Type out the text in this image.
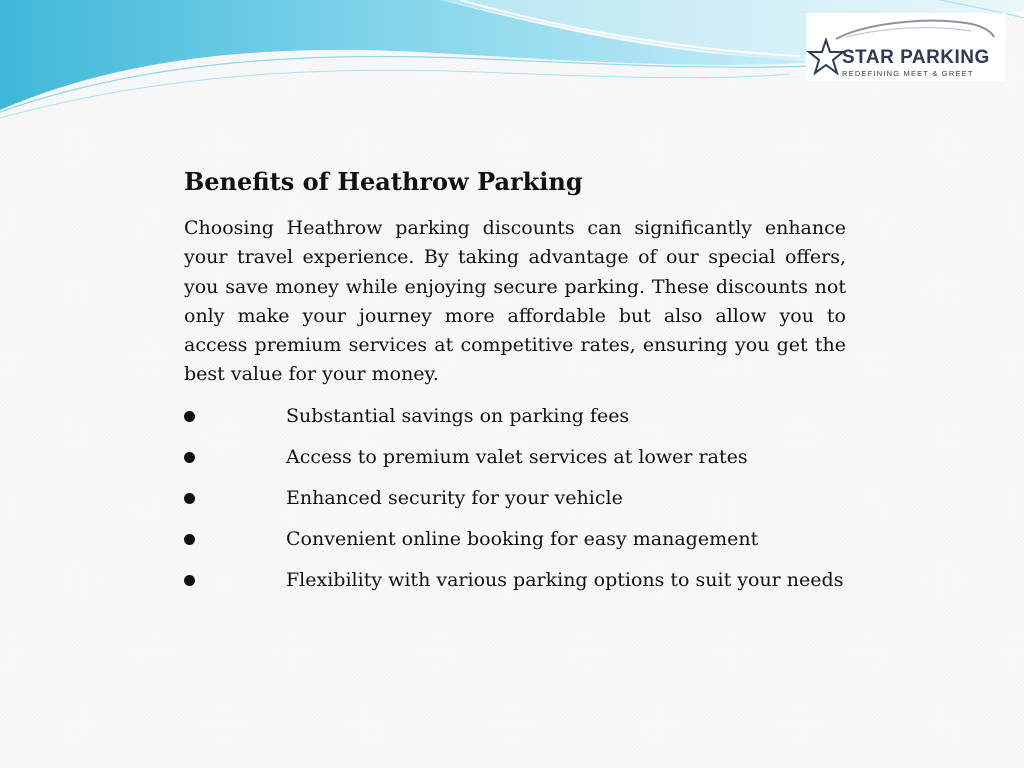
STAR PARKING
REDEFINING MEET & GREET
Benefits of Heathrow Parking

Choosing Heathrow parking discounts can significantly enhance your travel experience. By taking advantage of our special offers, you save money while enjoying secure parking. These discounts not only make your journey more affordable but also allow you to access premium services at competitive rates, ensuring you get the best value for your money.

Substantial savings on parking fees
Access to premium valet services at lower rates
Enhanced security for your vehicle
Convenient online booking for easy management
Flexibility with various parking options to suit your needs
